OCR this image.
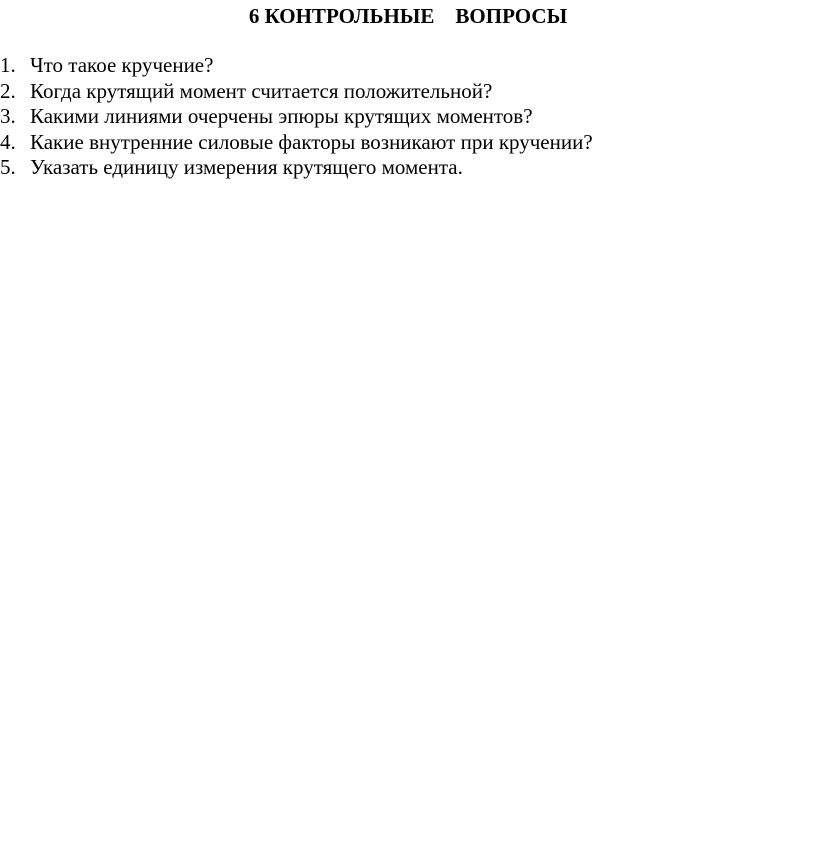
6 КОНТРОЛЬНЫЕ    ВОПРОСЫ
1. Что такое кручение?
2. Когда крутящий момент считается положительной?
3. Какими линиями очерчены эпюры крутящих моментов?
4. Какие внутренние силовые факторы возникают при кручении?
5. Указать единицу измерения крутящего момента.
